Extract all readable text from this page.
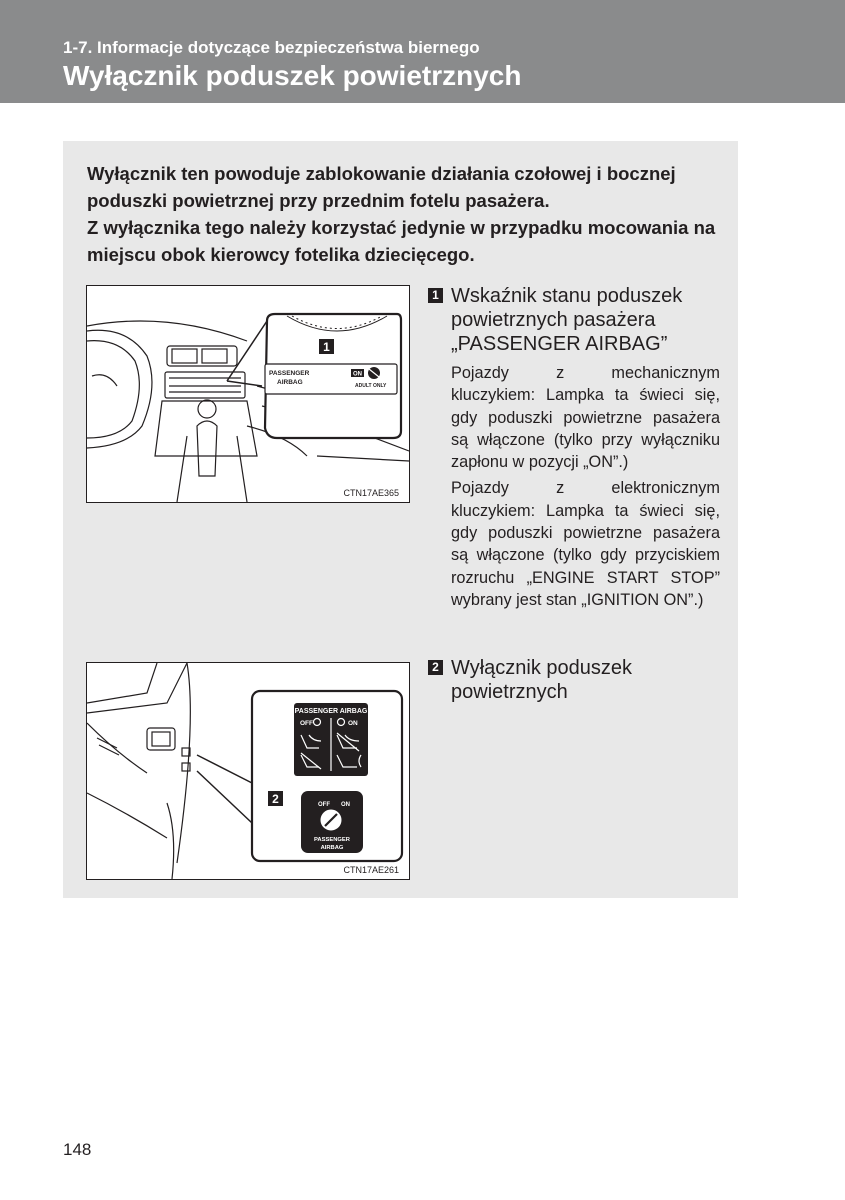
1-7. Informacje dotyczące bezpieczeństwa biernego
Wyłącznik poduszek powietrznych

Wyłącznik ten powoduje zablokowanie działania czołowej i bocznej poduszki powietrznej przy przednim fotelu pasażera.

Z wyłącznika tego należy korzystać jedynie w przypadku mocowania na miejscu obok kierowcy fotelika dziecięcego.

1
PASSENGER
AIRBAG
ON
ADULT ONLY
CTN17AE365
PASSENGER AIRBAG
OFF	ON
2	OFF ON
PASSENGER
AIRBAG
CTN17AE261
1 Wskaźnik stanu poduszek powietrznych pasażera „PASSENGER AIRBAG”

Pojazdy z mechanicznym kluczykiem: Lampka ta świeci się, gdy poduszki powietrzne pasażera są włączone (tylko przy wyłączniku zapłonu w pozycji „ON”.)

Pojazdy z elektronicznym kluczykiem: Lampka ta świeci się, gdy poduszki powietrzne pasażera są włączone (tylko gdy przyciskiem rozruchu „ENGINE START STOP” wybrany jest stan „IGNITION ON”.)

2 Wyłącznik poduszek powietrznych
148
